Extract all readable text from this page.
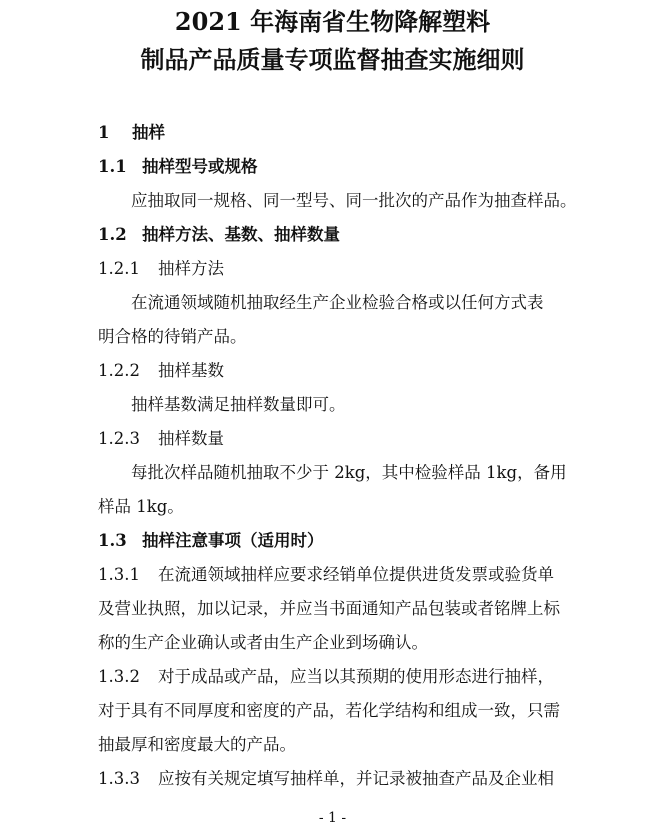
2021 年海南省生物降解塑料
制品产品质量专项监督抽查实施细则
1 抽样
1.1 抽样型号或规格
应抽取同一规格、同一型号、同一批次的产品作为抽查样品。
1.2 抽样方法、基数、抽样数量
1.2.1 抽样方法
在流通领域随机抽取经生产企业检验合格或以任何方式表
明合格的待销产品。
1.2.2 抽样基数
抽样基数满足抽样数量即可。
1.2.3 抽样数量
每批次样品随机抽取不少于 2kg，其中检验样品 1kg，备用
样品 1kg。
1.3 抽样注意事项（适用时）
1.3.1 在流通领域抽样应要求经销单位提供进货发票或验货单
及营业执照，加以记录，并应当书面通知产品包装或者铭牌上标
称的生产企业确认或者由生产企业到场确认。
1.3.2 对于成品或产品，应当以其预期的使用形态进行抽样，
对于具有不同厚度和密度的产品，若化学结构和组成一致，只需
抽最厚和密度最大的产品。
1.3.3 应按有关规定填写抽样单，并记录被抽查产品及企业相
- 1 -
